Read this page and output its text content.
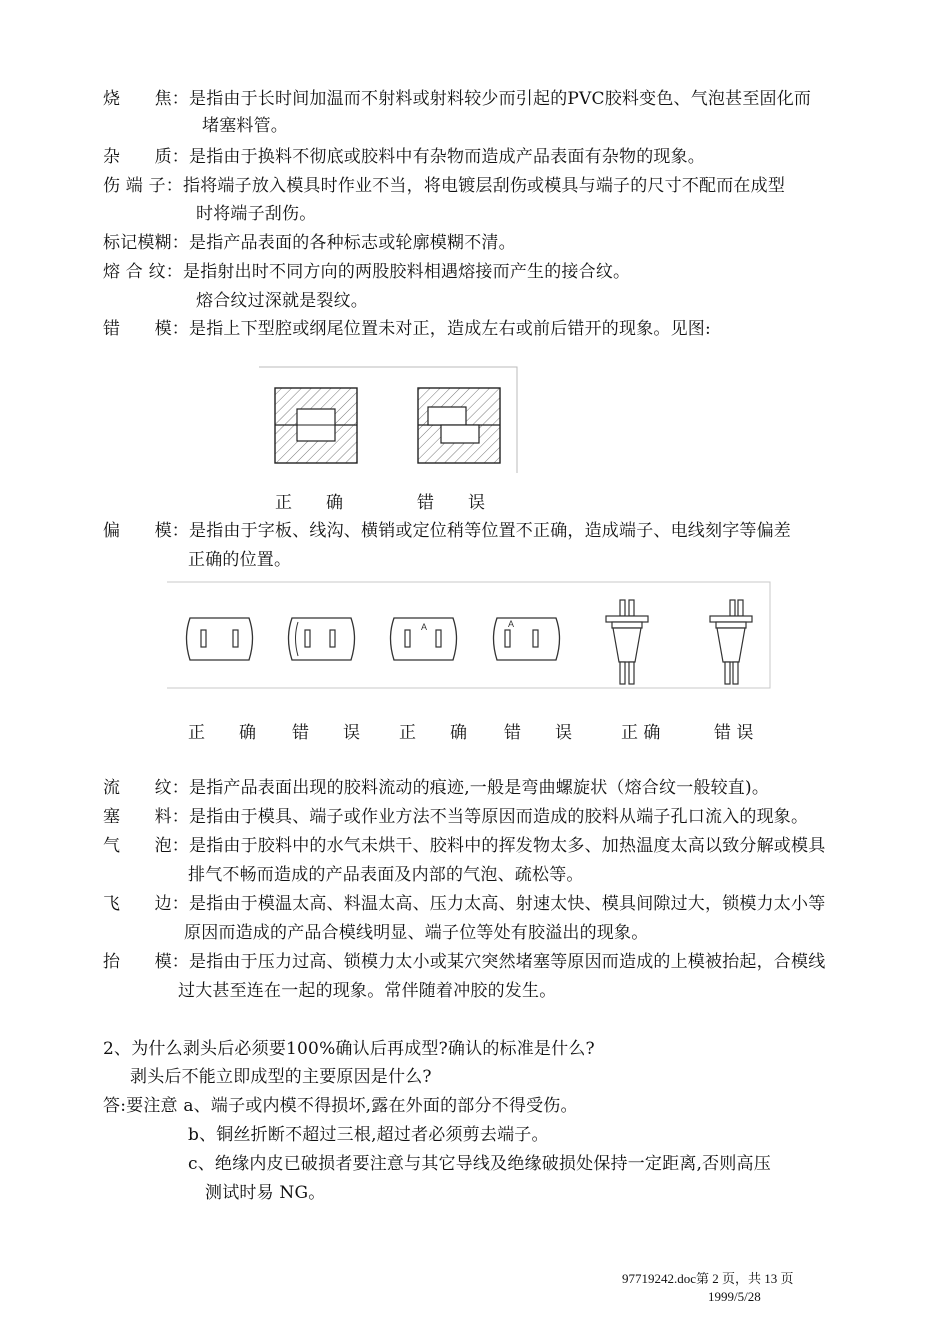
烧　　焦：是指由于长时间加温而不射料或射料较少而引起的PVC胶料变色、气泡甚至固化而
堵塞料管。
杂　　质：是指由于换料不彻底或胶料中有杂物而造成产品表面有杂物的现象。
伤 端 子：指将端子放入模具时作业不当，将电镀层刮伤或模具与端子的尺寸不配而在成型
时将端子刮伤。
标记模糊：是指产品表面的各种标志或轮廓模糊不清。
熔 合 纹：是指射出时不同方向的两股胶料相遇熔接而产生的接合纹。
熔合纹过深就是裂纹。
错　　模：是指上下型腔或纲尾位置未对正，造成左右或前后错开的现象。见图:
正　　确	错　　误
偏　　模：是指由于字板、线沟、横销或定位稍等位置不正确，造成端子、电线刻字等偏差
正确的位置。
A	A
正　　确 错　　误 正　　确 错　　误	正 确	错 误
流　　纹：是指产品表面出现的胶料流动的痕迹,一般是弯曲螺旋状（熔合纹一般较直)。
塞　　料：是指由于模具、端子或作业方法不当等原因而造成的胶料从端子孔口流入的现象。
气　　泡：是指由于胶料中的水气未烘干、胶料中的挥发物太多、加热温度太高以致分解或模具
排气不畅而造成的产品表面及内部的气泡、疏松等。
飞　　边：是指由于模温太高、料温太高、压力太高、射速太快、模具间隙过大，锁模力太小等
原因而造成的产品合模线明显、端子位等处有胶溢出的现象。
抬　　模：是指由于压力过高、锁模力太小或某穴突然堵塞等原因而造成的上模被抬起，合模线
过大甚至连在一起的现象。常伴随着冲胶的发生。
2、为什么剥头后必须要100%确认后再成型?确认的标准是什么?
剥头后不能立即成型的主要原因是什么?
答:要注意 a、端子或内模不得损坏,露在外面的部分不得受伤。
b、铜丝折断不超过三根,超过者必须剪去端子。
c、绝缘内皮已破损者要注意与其它导线及绝缘破损处保持一定距离,否则高压
测试时易 NG。
97719242.doc第 2 页，共 13 页
1999/5/28
